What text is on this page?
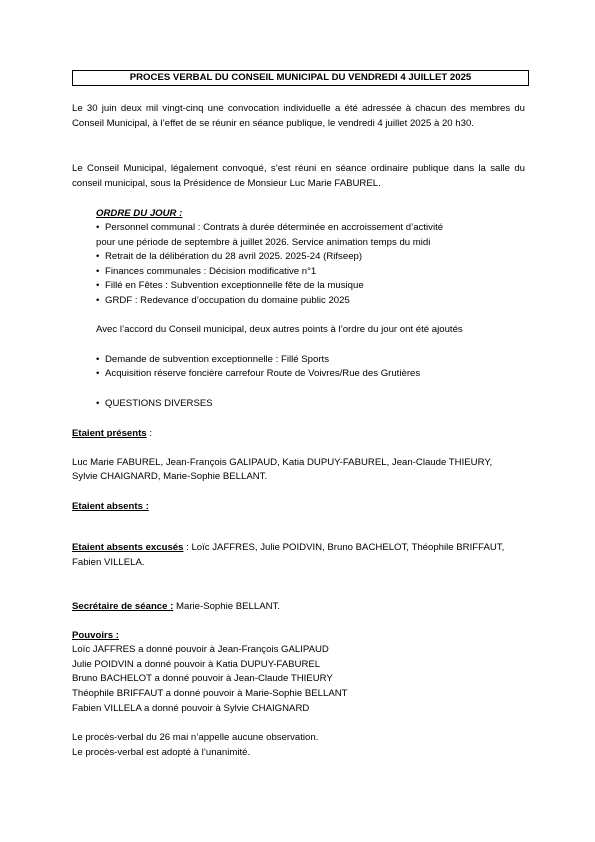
PROCES VERBAL DU CONSEIL MUNICIPAL DU VENDREDI 4 JUILLET 2025
Le 30 juin deux mil vingt-cinq une convocation individuelle a été adressée à chacun des membres du Conseil Municipal, à l’effet de se réunir en séance publique, le vendredi 4 juillet 2025 à 20 h30.
Le Conseil Municipal, légalement convoqué, s’est réuni en séance ordinaire publique dans la salle du conseil municipal, sous la Présidence de Monsieur Luc Marie FABUREL.
ORDRE DU JOUR :
• Personnel communal : Contrats à durée déterminée en accroissement d’activité
pour une période de septembre à juillet 2026. Service animation temps du midi
• Retrait de la délibération du 28 avril 2025. 2025-24 (Rifseep)
• Finances communales : Décision modificative n°1
• Fillé en Fêtes : Subvention exceptionnelle fête de la musique
• GRDF : Redevance d’occupation du domaine public 2025
Avec l’accord du Conseil municipal, deux autres points à l’ordre du jour ont été ajoutés
• Demande de subvention exceptionnelle : Fillé Sports
• Acquisition réserve foncière carrefour Route de Voivres/Rue des Grutières
• QUESTIONS DIVERSES
Etaient présents :
Luc Marie FABUREL, Jean-François GALIPAUD, Katia DUPUY-FABUREL, Jean-Claude THIEURY,
Sylvie CHAIGNARD, Marie-Sophie BELLANT.
Etaient absents :
Etaient absents excusés : Loïc JAFFRES, Julie POIDVIN, Bruno BACHELOT, Théophile BRIFFAUT,
Fabien VILLELA.
Secrétaire de séance : Marie-Sophie BELLANT.
Pouvoirs :
Loïc JAFFRES a donné pouvoir à Jean-François GALIPAUD
Julie POIDVIN a donné pouvoir à Katia DUPUY-FABUREL
Bruno BACHELOT a donné pouvoir à Jean-Claude THIEURY
Théophile BRIFFAUT a donné pouvoir à Marie-Sophie BELLANT
Fabien VILLELA a donné pouvoir à Sylvie CHAIGNARD
Le procès-verbal du 26 mai n’appelle aucune observation.
Le procès-verbal est adopté à l’unanimité.
